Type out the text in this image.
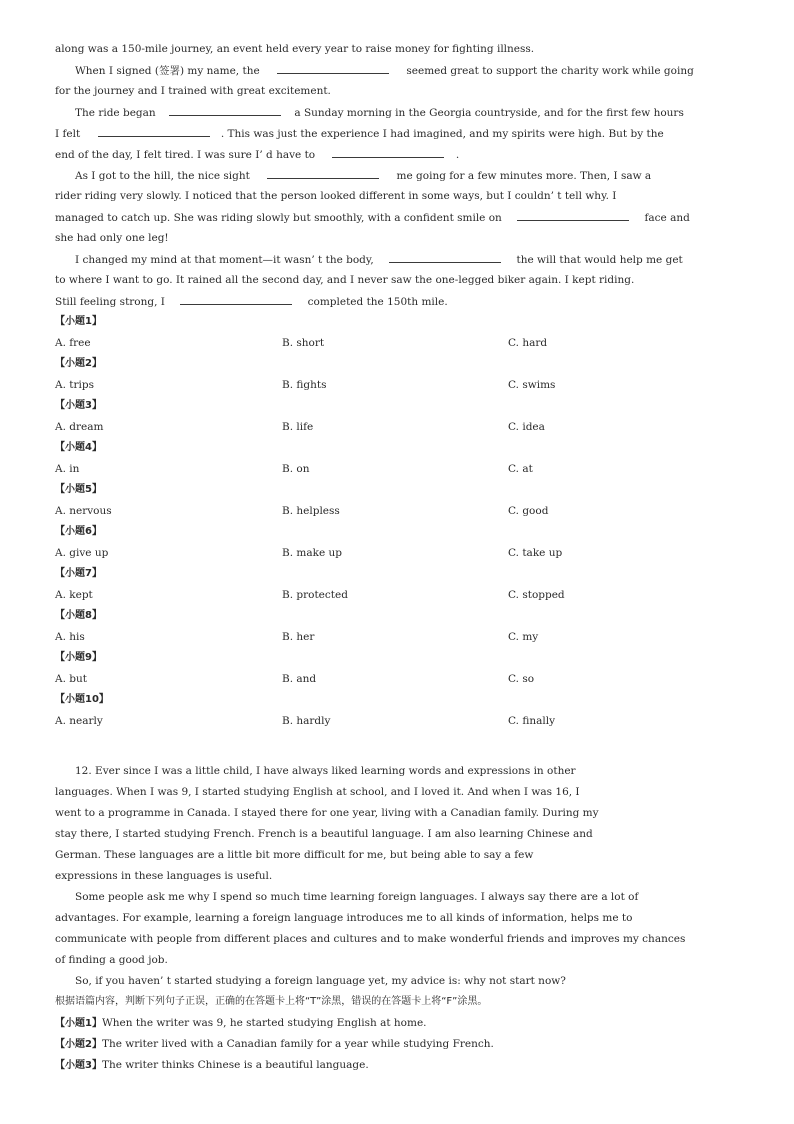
along was a 150-mile journey, an event held every year to raise money for fighting illness.
When I signed (签署) my name, the	seemed great to support the charity work while going
for the journey and I trained with great excitement.
The ride began	a Sunday morning in the Georgia countryside, and for the first few hours
I felt	. This was just the experience I had imagined, and my spirits were high. But by the
end of the day, I felt tired. I was sure I’ d have to	.
As I got to the hill, the nice sight	me going for a few minutes more. Then, I saw a
rider riding very slowly. I noticed that the person looked different in some ways, but I couldn’ t tell why. I
managed to catch up. She was riding slowly but smoothly, with a confident smile on	face and
she had only one leg!
I changed my mind at that moment—it wasn’ t the body,	the will that would help me get
to where I want to go. It rained all the second day, and I never saw the one-legged biker again. I kept riding.
Still feeling strong, I	completed the 150th mile.
【小题1】
A. free	B. short	C. hard
【小题2】
A. trips	B. fights	C. swims
【小题3】
A. dream	B. life	C. idea
【小题4】
A. in	B. on	C. at
【小题5】
A. nervous	B. helpless	C. good
【小题6】
A. give up	B. make up	C. take up
【小题7】
A. kept	B. protected	C. stopped
【小题8】
A. his	B. her	C. my
【小题9】
A. but	B. and	C. so
【小题10】
A. nearly	B. hardly	C. finally
12. Ever since I was a little child, I have always liked learning words and expressions in other
languages. When I was 9, I started studying English at school, and I loved it. And when I was 16, I
went to a programme in Canada. I stayed there for one year, living with a Canadian family. During my
stay there, I started studying French. French is a beautiful language. I am also learning Chinese and
German. These languages are a little bit more difficult for me, but being able to say a few
expressions in these languages is useful.
Some people ask me why I spend so much time learning foreign languages. I always say there are a lot of
advantages. For example, learning a foreign language introduces me to all kinds of information, helps me to
communicate with people from different places and cultures and to make wonderful friends and improves my chances
of finding a good job.
So, if you haven’ t started studying a foreign language yet, my advice is: why not start now?
根据语篇内容，判断下列句子正误，正确的在答题卡上将“T”涂黑，错误的在答题卡上将“F”涂黑。
【小题1】When the writer was 9, he started studying English at home.
【小题2】The writer lived with a Canadian family for a year while studying French.
【小题3】The writer thinks Chinese is a beautiful language.
